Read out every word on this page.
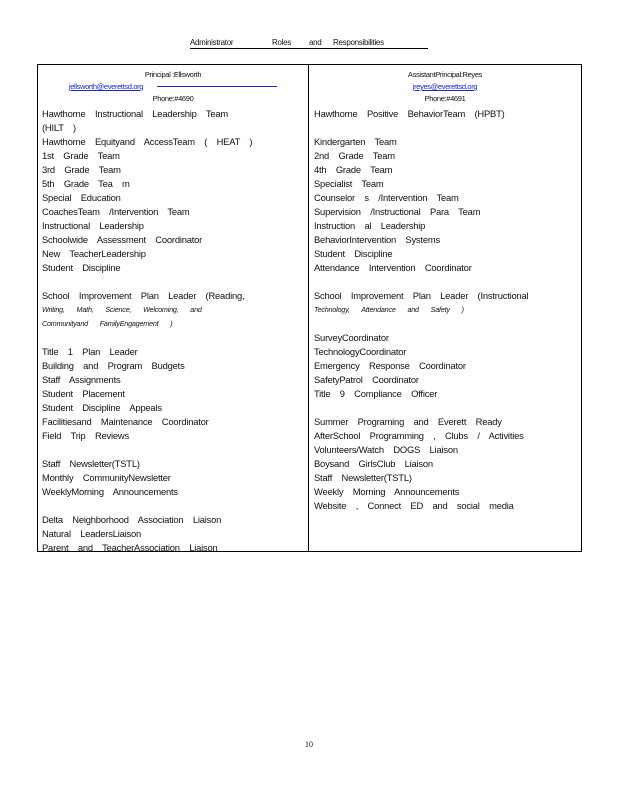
Administrator	Roles and Responsibilities
Principal :Ellsworth
jellsworth@everettsd.org
Phone:#4690
Hawthorne Instructional Leadership Team
(HILT )
Hawthorne Equityand AccessTeam ( HEAT )
1st Grade Team
3rd Grade Team
5th Grade Tea m
Special Education
CoachesTeam /Intervention Team
Instructional Leadership
Schoolwide Assessment Coordinator
New TeacherLeadership
Student Discipline
School Improvement Plan Leader (Reading,
Writing, Math, Science, Welcoming, and
Communityand FamilyEngagement )
Title 1 Plan Leader
Building and Program Budgets
Staff Assignments
Student Placement
Student Discipline Appeals
Facilitiesand Maintenance Coordinator
Field Trip Reviews
Staff Newsletter(TSTL)
Monthly CommunityNewsletter
WeeklyMorning Announcements
Delta Neighborhood Association Liaison
Natural LeadersLiaison
Parent and TeacherAssociation Liaison
AssistantPrincipal:Reyes
jreyes@everettsd.org
Phone:#4691
Hawthorne Positive BehaviorTeam (HPBT)
Kindergarten Team
2nd Grade Team
4th Grade Team
Specialist Team
Counselor s /Intervention Team
Supervision /Instructional Para Team
Instruction al Leadership
BehaviorIntervention Systems
Student Discipline
Attendance Intervention Coordinator
School Improvement Plan Leader (Instructional
Technology, Attendance and Safety )
SurveyCoordinator
TechnologyCoordinator
Emergency Response Coordinator
SafetyPatrol Coordinator
Title 9 Compliance Officer
Summer Programing and Everett Ready
AfterSchool Programming , Clubs / Activities
Volunteers/Watch DOGS Liaison
Boysand GirlsClub Liaison
Staff Newsletter(TSTL)
Weekly Morning Announcements
Website , Connect ED and social media
10
